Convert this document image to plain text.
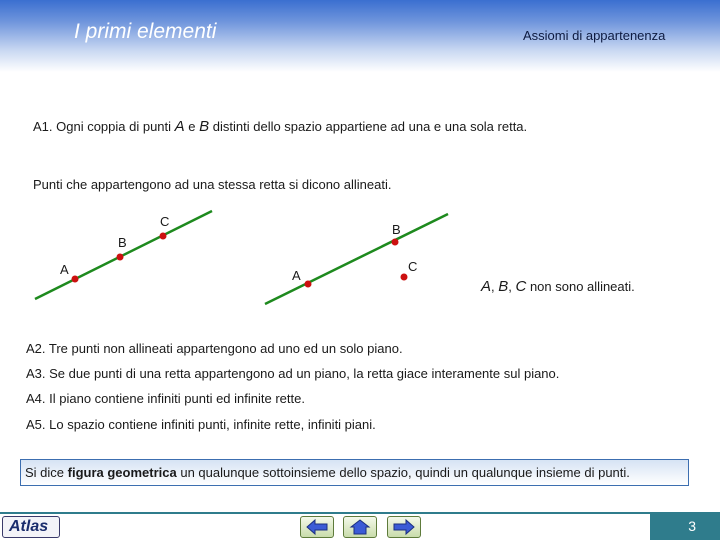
I primi elementi	Assiomi di appartenenza
A1. Ogni coppia di punti A e B distinti dello spazio appartiene ad una e una sola retta.
Punti che appartengono ad una stessa retta si dicono allineati.
A
B
C
A
B
C
A, B, C non sono allineati.
A2. Tre punti non allineati appartengono ad uno ed un solo piano.
A3. Se due punti di una retta appartengono ad un piano, la retta giace interamente sul piano.
A4. Il piano contiene infiniti punti ed infinite rette.
A5. Lo spazio contiene infiniti punti, infinite rette, infiniti piani.
Si dice figura geometrica un qualunque sottoinsieme dello spazio, quindi un qualunque insieme di punti.
Atlas	3
